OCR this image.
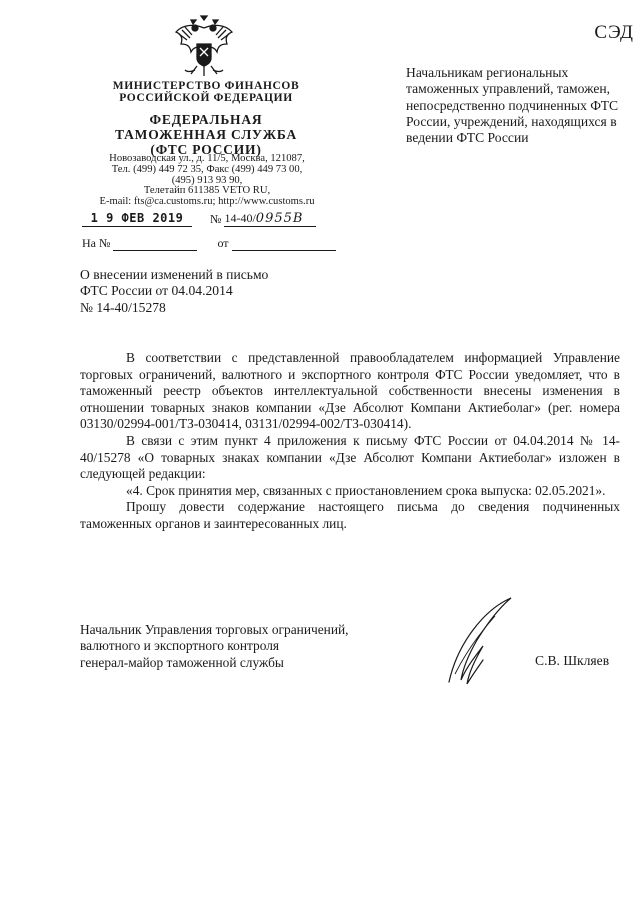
СЭД
МИНИСТЕРСТВО ФИНАНСОВ
РОССИЙСКОЙ ФЕДЕРАЦИИ
ФЕДЕРАЛЬНАЯ
ТАМОЖЕННАЯ СЛУЖБА
(ФТС РОССИИ)
Новозаводская ул., д. 11/5, Москва, 121087,
Тел. (499) 449 72 35, Факс (499) 449 73 00,
(495) 913 93 90,
Телетайп 611385 VETO RU,
E-mail: fts@ca.customs.ru; http://www.customs.ru
1 9 ФЕВ 2019 № 14-40/0955В
На №	от
Начальникам региональных таможенных управлений, таможен, непосредственно подчиненных ФТС России, учреждений, находящихся в ведении ФТС России
О внесении изменений в письмо
ФТС России от 04.04.2014
№ 14-40/15278

В соответствии с представленной правообладателем информацией Управление торговых ограничений, валютного и экспортного контроля ФТС России уведомляет, что в таможенный реестр объектов интеллектуальной собственности внесены изменения в отношении товарных знаков компании «Дзе Абсолют Компани Актиеболаг» (рег. номера 03130/02994-001/ТЗ-030414, 03131/02994-002/ТЗ-030414).

В связи с этим пункт 4 приложения к письму ФТС России от 04.04.2014 № 14-40/15278 «О товарных знаках компании «Дзе Абсолют Компани Актиеболаг» изложен в следующей редакции:

«4. Срок принятия мер, связанных с приостановлением срока выпуска: 02.05.2021».

Прошу довести содержание настоящего письма до сведения подчиненных таможенных органов и заинтересованных лиц.

Начальник Управления торговых ограничений,
валютного и экспортного контроля
генерал-майор таможенной службы	С.В. Шкляев
